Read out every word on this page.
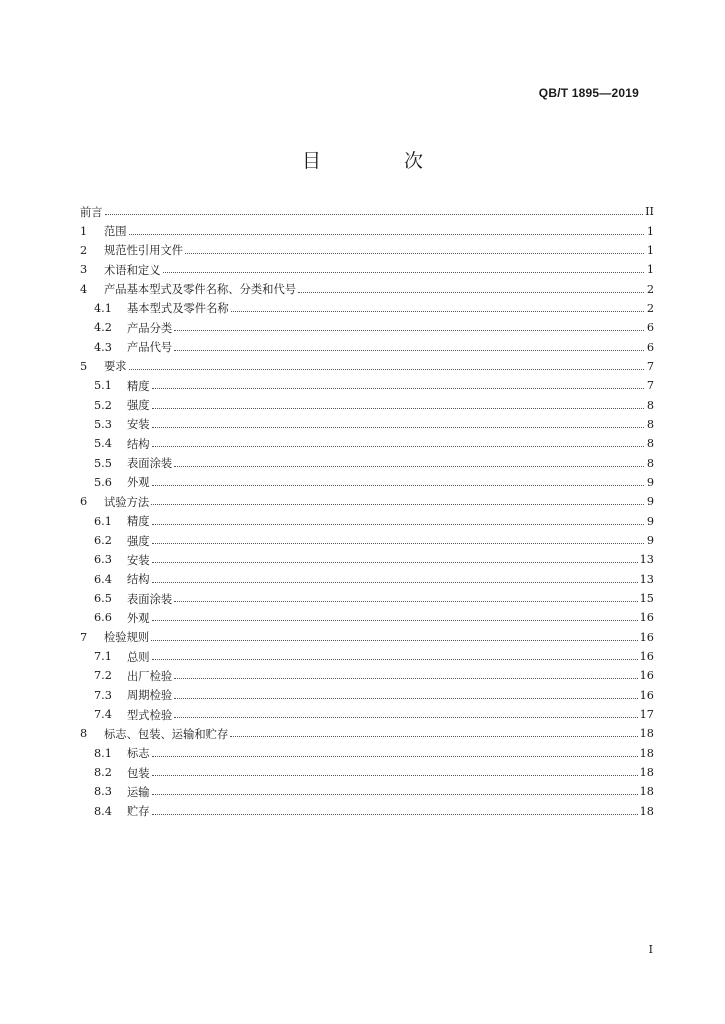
QB/T 1895—2019
目　次
前言	II
1	范围	1
2	规范性引用文件	1
3	术语和定义	1
4	产品基本型式及零件名称、分类和代号	2
4.1	基本型式及零件名称	2
4.2	产品分类	6
4.3	产品代号	6
5	要求	7
5.1	精度	7
5.2	强度	8
5.3	安装	8
5.4	结构	8
5.5	表面涂装	8
5.6	外观	9
6	试验方法	9
6.1	精度	9
6.2	强度	9
6.3	安装	13
6.4	结构	13
6.5	表面涂装	15
6.6	外观	16
7	检验规则	16
7.1	总则	16
7.2	出厂检验	16
7.3	周期检验	16
7.4	型式检验	17
8	标志、包装、运输和贮存	18
8.1	标志	18
8.2	包装	18
8.3	运输	18
8.4	贮存	18
I
